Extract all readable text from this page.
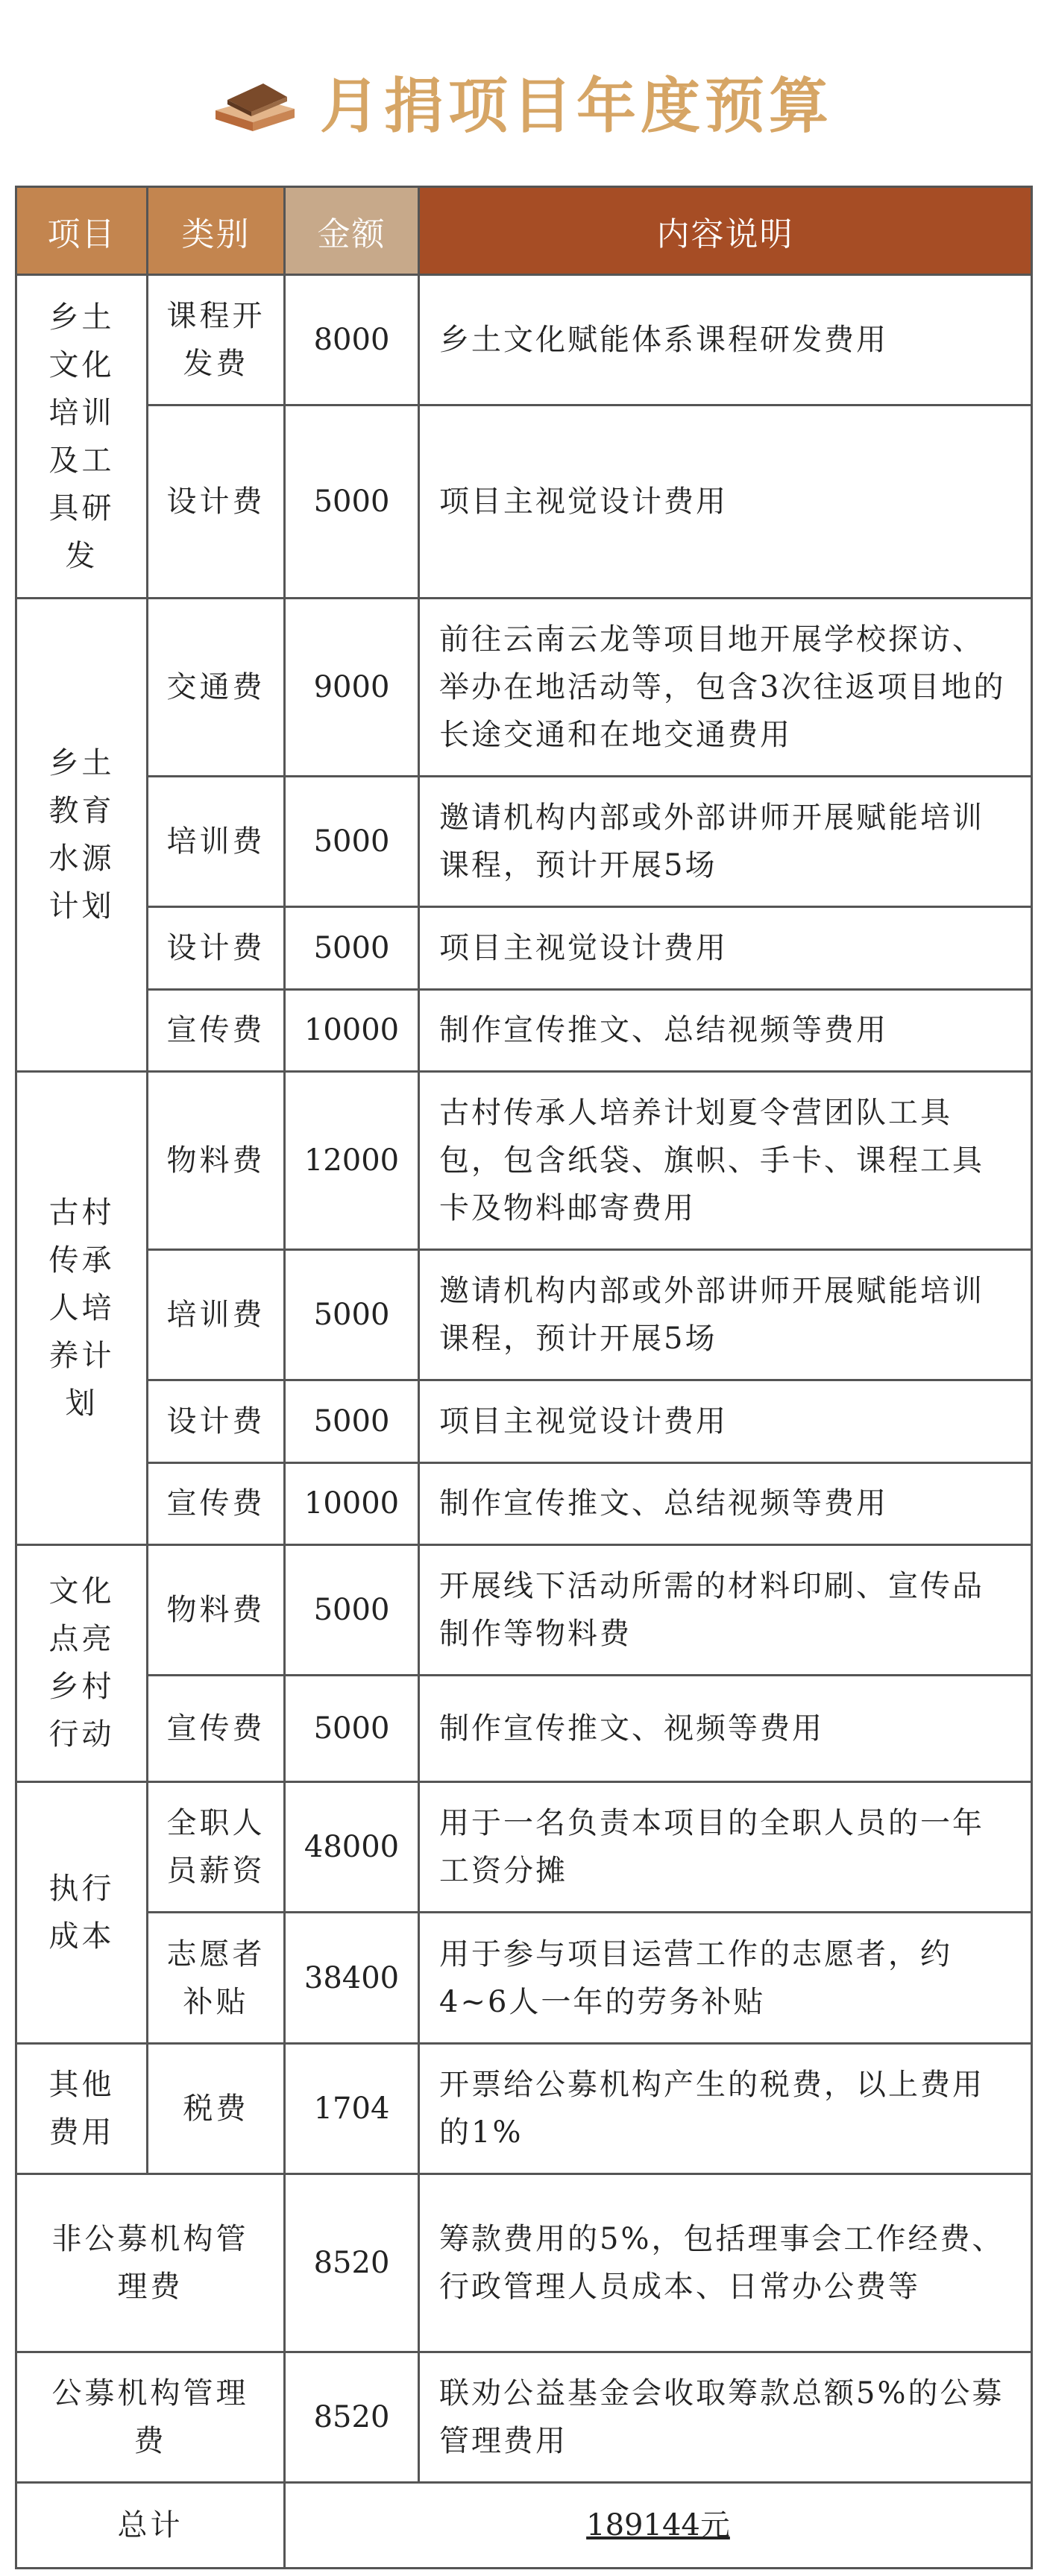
月捐项目年度预算
项目	类别	金额	内容说明
乡土文化培训及工具研发	课程开发费	8000	乡土文化赋能体系课程研发费用
	设计费	5000	项目主视觉设计费用
乡土教育水源计划	交通费	9000	前往云南云龙等项目地开展学校探访、举办在地活动等，包含3次往返项目地的长途交通和在地交通费用
	培训费	5000	邀请机构内部或外部讲师开展赋能培训课程，预计开展5场
	设计费	5000	项目主视觉设计费用
	宣传费	10000	制作宣传推文、总结视频等费用
古村传承人培养计划	物料费	12000	古村传承人培养计划夏令营团队工具包，包含纸袋、旗帜、手卡、课程工具卡及物料邮寄费用
	培训费	5000	邀请机构内部或外部讲师开展赋能培训课程，预计开展5场
	设计费	5000	项目主视觉设计费用
	宣传费	10000	制作宣传推文、总结视频等费用
文化点亮乡村行动	物料费	5000	开展线下活动所需的材料印刷、宣传品制作等物料费
	宣传费	5000	制作宣传推文、视频等费用
执行成本	全职人员薪资	48000	用于一名负责本项目的全职人员的一年工资分摊
	志愿者补贴	38400	用于参与项目运营工作的志愿者，约4~6人一年的劳务补贴
其他费用	税费	1704	开票给公募机构产生的税费，以上费用的1%
非公募机构管理费		8520	筹款费用的5%，包括理事会工作经费、行政管理人员成本、日常办公费等
公募机构管理费		8520	联劝公益基金会收取筹款总额5%的公募管理费用
总计		189144元	
